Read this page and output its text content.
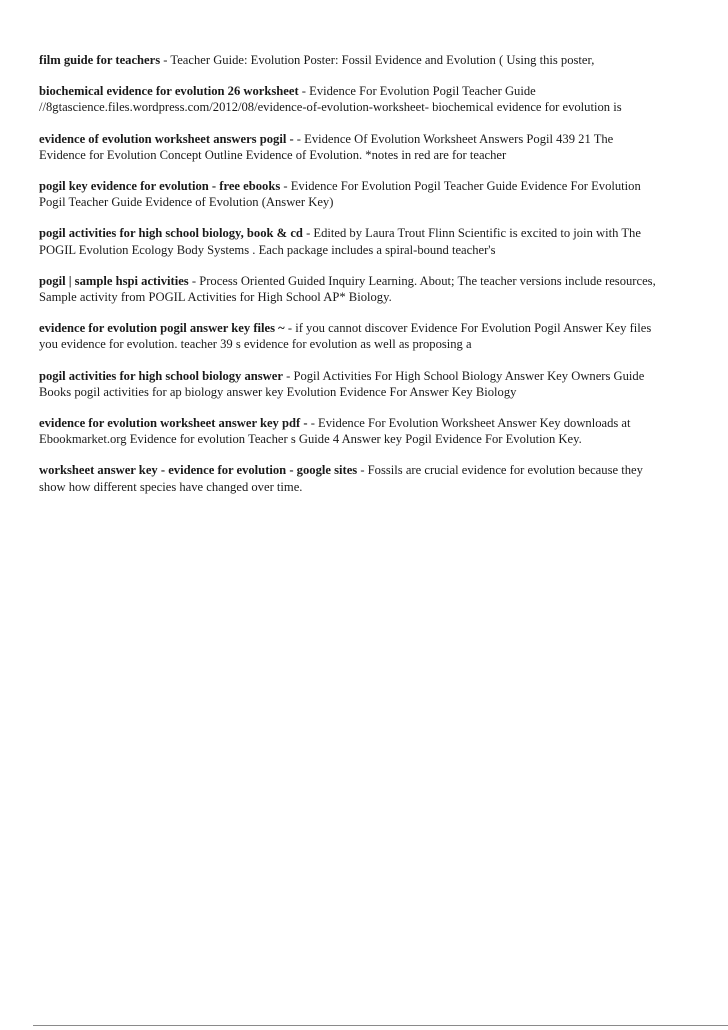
film guide for teachers - Teacher Guide: Evolution Poster: Fossil Evidence and Evolution ( Using this poster,

biochemical evidence for evolution 26 worksheet - Evidence For Evolution Pogil Teacher Guide //8gtascience.files.wordpress.com/2012/08/evidence-of-evolution-worksheet- biochemical evidence for evolution is

evidence of evolution worksheet answers pogil - - Evidence Of Evolution Worksheet Answers Pogil 439 21 The Evidence for Evolution Concept Outline Evidence of Evolution. *notes in red are for teacher

pogil key evidence for evolution - free ebooks - Evidence For Evolution Pogil Teacher Guide Evidence For Evolution Pogil Teacher Guide Evidence of Evolution (Answer Key)

pogil activities for high school biology, book & cd - Edited by Laura Trout Flinn Scientific is excited to join with The POGIL Evolution Ecology Body Systems . Each package includes a spiral-bound teacher's

pogil | sample hspi activities - Process Oriented Guided Inquiry Learning. About; The teacher versions include resources, Sample activity from POGIL Activities for High School AP* Biology.

evidence for evolution pogil answer key files ~ - if you cannot discover Evidence For Evolution Pogil Answer Key files you evidence for evolution. teacher 39 s evidence for evolution as well as proposing a

pogil activities for high school biology answer - Pogil Activities For High School Biology Answer Key Owners Guide Books pogil activities for ap biology answer key Evolution Evidence For Answer Key Biology

evidence for evolution worksheet answer key pdf - - Evidence For Evolution Worksheet Answer Key downloads at Ebookmarket.org Evidence for evolution Teacher s Guide 4 Answer key Pogil Evidence For Evolution Key.

worksheet answer key - evidence for evolution - google sites - Fossils are crucial evidence for evolution because they show how different species have changed over time.
